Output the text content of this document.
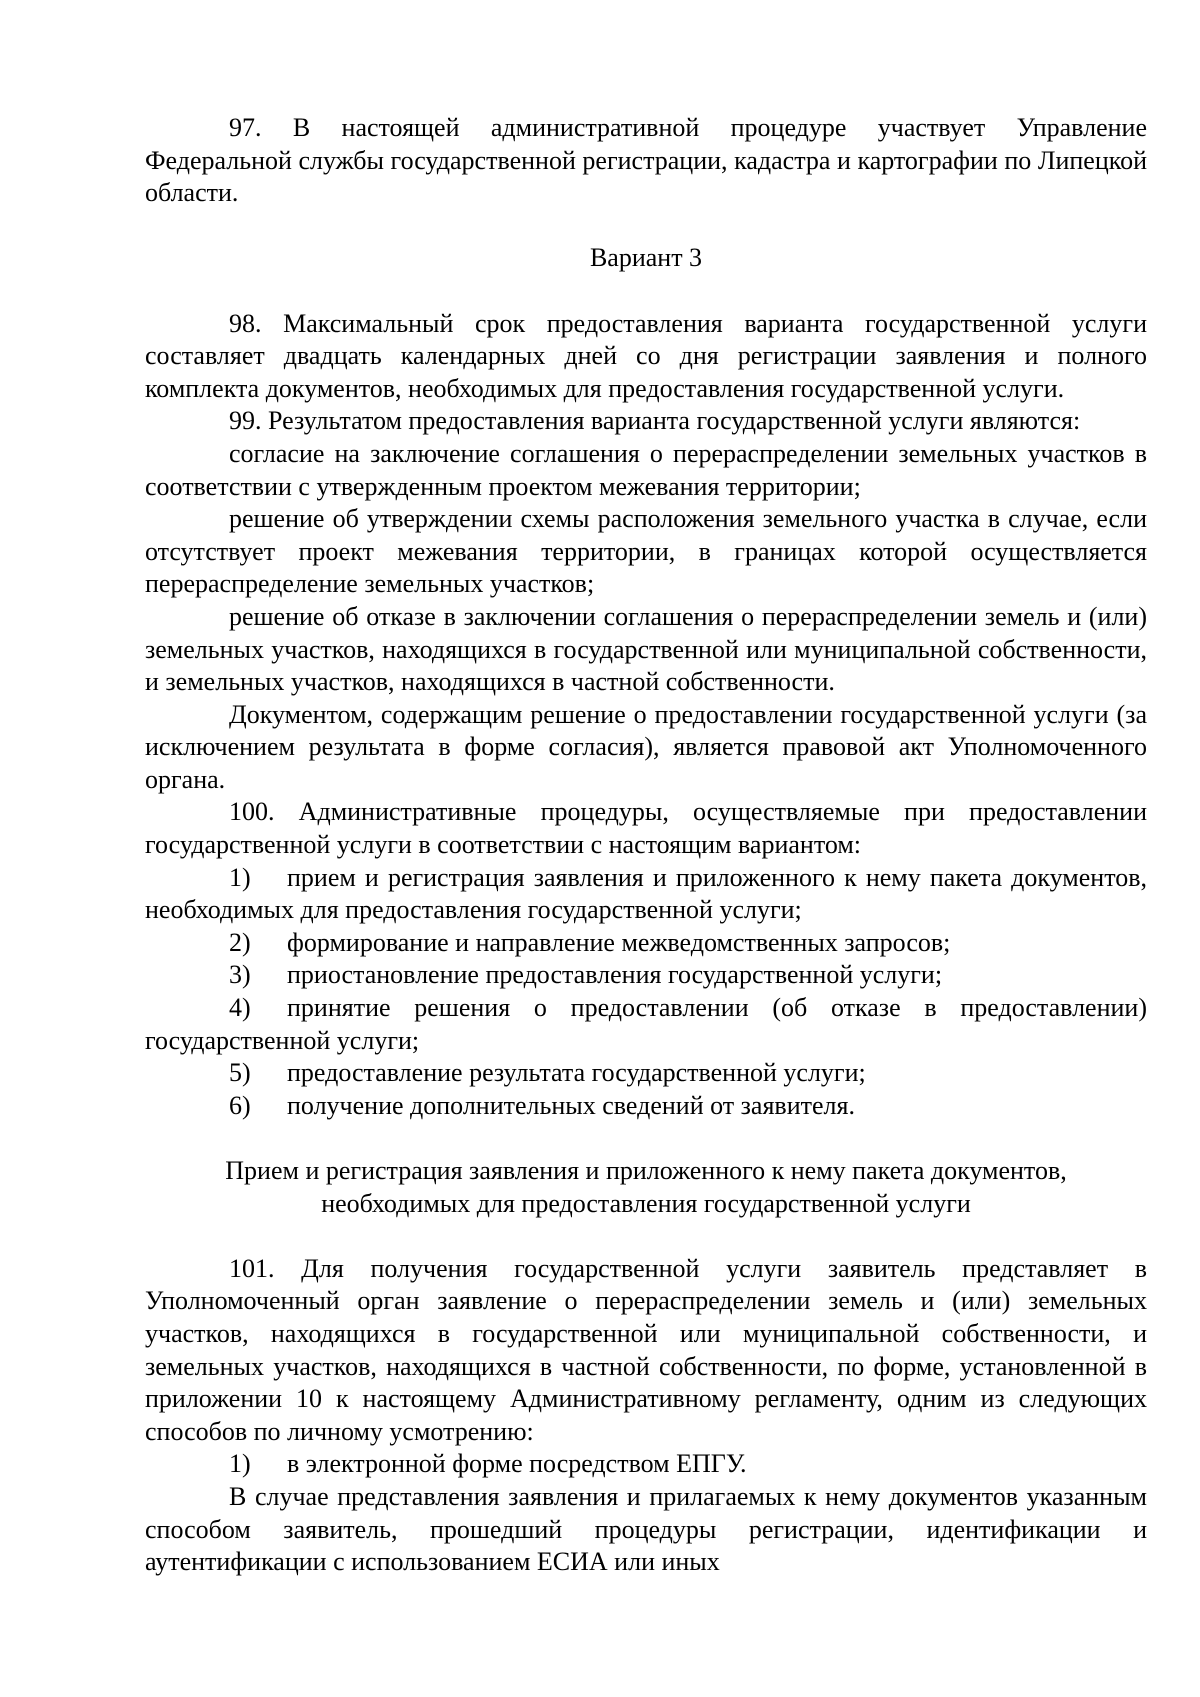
97. В настоящей административной процедуре участвует Управление Федеральной службы государственной регистрации, кадастра и картографии по Липецкой области.

Вариант 3

98. Максимальный срок предоставления варианта государственной услуги составляет двадцать календарных дней со дня регистрации заявления и полного комплекта документов, необходимых для предоставления государственной услуги.

99. Результатом предоставления варианта государственной услуги являются:

согласие на заключение соглашения о перераспределении земельных участков в соответствии с утвержденным проектом межевания территории;

решение об утверждении схемы расположения земельного участка в случае, если отсутствует проект межевания территории, в границах которой осуществляется перераспределение земельных участков;

решение об отказе в заключении соглашения о перераспределении земель и (или) земельных участков, находящихся в государственной или муниципальной собственности, и земельных участков, находящихся в частной собственности.

Документом, содержащим решение о предоставлении государственной услуги (за исключением результата в форме согласия), является правовой акт Уполномоченного органа.

100. Административные процедуры, осуществляемые при предоставлении государственной услуги в соответствии с настоящим вариантом:

1) прием и регистрация заявления и приложенного к нему пакета документов, необходимых для предоставления государственной услуги;

2) формирование и направление межведомственных запросов;

3) приостановление предоставления государственной услуги;

4) принятие решения о предоставлении (об отказе в предоставлении) государственной услуги;

5) предоставление результата государственной услуги;

6) получение дополнительных сведений от заявителя.

Прием и регистрация заявления и приложенного к нему пакета документов,

необходимых для предоставления государственной услуги

101. Для получения государственной услуги заявитель представляет в Уполномоченный орган заявление о перераспределении земель и (или) земельных участков, находящихся в государственной или муниципальной собственности, и земельных участков, находящихся в частной собственности, по форме, установленной в приложении 10 к настоящему Административному регламенту, одним из следующих способов по личному усмотрению:

1) в электронной форме посредством ЕПГУ.

В случае представления заявления и прилагаемых к нему документов указанным способом заявитель, прошедший процедуры регистрации, идентификации и аутентификации с использованием ЕСИА или иных
